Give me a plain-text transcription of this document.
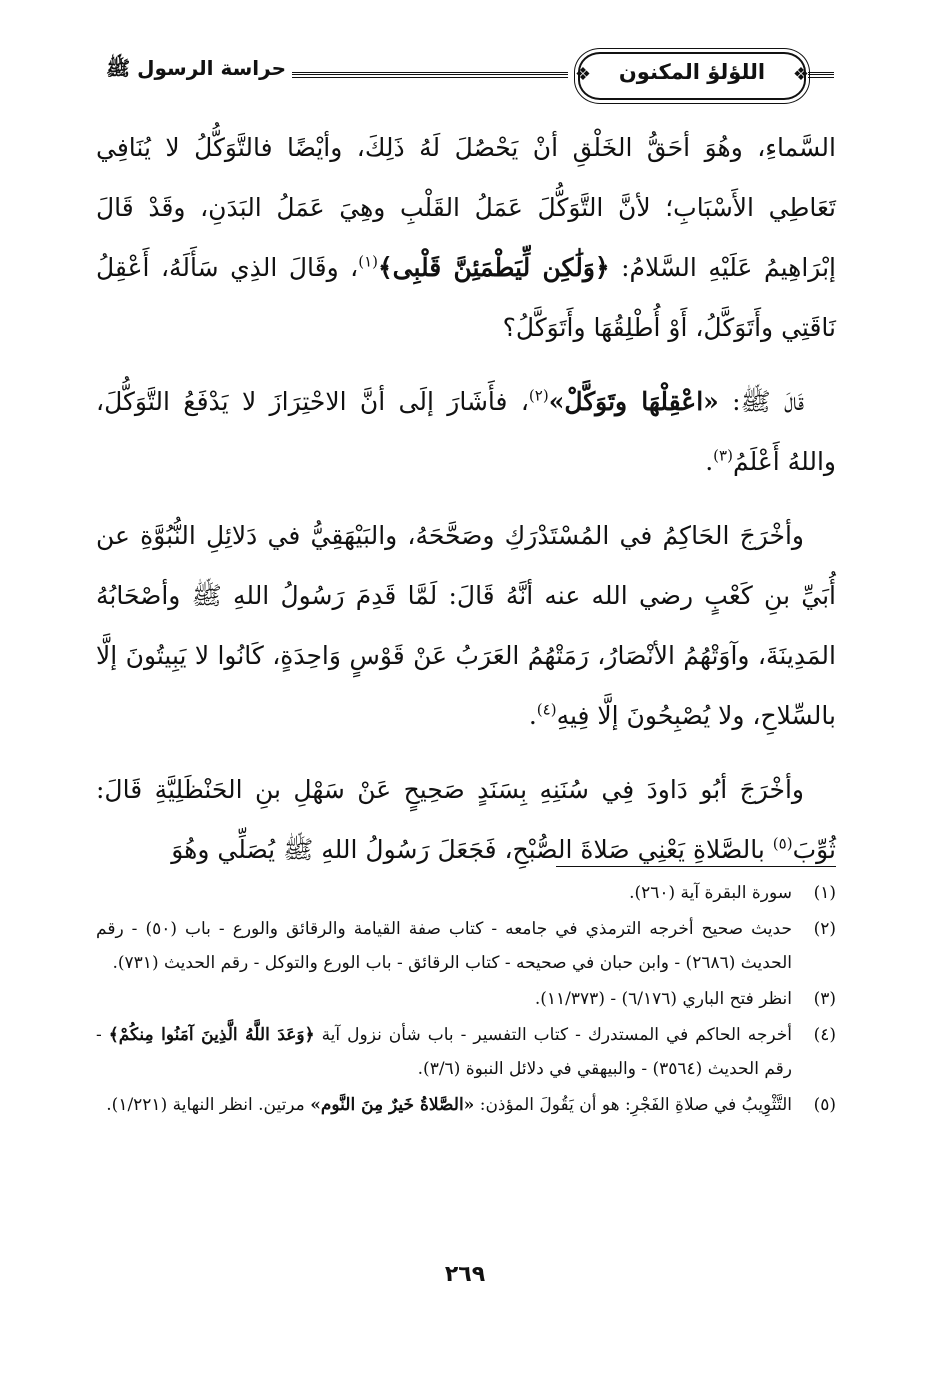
حراسة الرسول ﷺ	❖	اللؤلؤ المكنون	❖

السَّماءِ، وهُوَ أحَقُّ الخَلْقِ أنْ يَحْصُلَ لَهُ ذَلِكَ، وأيْضًا فالتَّوَكُّلُ لا يُنَافِي تَعَاطِي الأَسْبَابِ؛ لأنَّ التَّوَكُّلَ عَمَلُ القَلْبِ وهِيَ عَمَلُ البَدَنِ، وقَدْ قَالَ إبْرَاهِيمُ عَلَيْهِ السَّلامُ: ﴿وَلَٰكِن لِّيَطْمَئِنَّ قَلْبِى﴾$^{(١)}$، وقَالَ الذِي سَأَلَهُ، أَعْقِلُ نَاقَتِي وأَتَوَكَّلُ، أَوْ أُطْلِقُهَا وأَتَوَكَّلُ؟

قَالَ ﷺ: «اعْقِلْهَا وتَوَكَّلْ»$^{(٢)}$، فأَشَارَ إلَى أنَّ الاحْتِرَازَ لا يَدْفَعُ التَّوَكُّلَ، واللهُ أَعْلَمُ$^{(٣)}$.

وأخْرَجَ الحَاكِمُ في المُسْتَدْرَكِ وصَحَّحَهُ، والبَيْهَقِيُّ في دَلائِلِ النُّبُوَّةِ عن أُبَيِّ بنِ كَعْبٍ رضي الله عنه أنَّهُ قَالَ: لَمَّا قَدِمَ رَسُولُ اللهِ ﷺ وأصْحَابُهُ المَدِينَةَ، وآوَتْهُمُ الأنْصَارُ، رَمَتْهُمُ العَرَبُ عَنْ قَوْسٍ وَاحِدَةٍ، كَانُوا لا يَبِيتُونَ إلَّا بالسِّلاحِ، ولا يُصْبِحُونَ إلَّا فِيهِ$^{(٤)}$.

وأخْرَجَ أبُو دَاودَ فِي سُنَنِهِ بِسَنَدٍ صَحِيحٍ عَنْ سَهْلِ بنِ الحَنْظَلِيَّةِ قَالَ: ثُوِّبَ$^{(٥)}$ بالصَّلاةِ يَعْنِي صَلاةَ الصُّبْحِ، فَجَعَلَ رَسُولُ اللهِ ﷺ يُصَلِّي وهُوَ

(١)
سورة البقرة آية (٢٦٠).
(٢)
حديث صحيح أخرجه الترمذي في جامعه - كتاب صفة القيامة والرقائق والورع - باب (٥٠) - رقم الحديث (٢٦٨٦) - وابن حبان في صحيحه - كتاب الرقائق - باب الورع والتوكل - رقم الحديث (٧٣١).
(٣)
انظر فتح الباري (٦/١٧٦) - (١١/٣٧٣).
(٤)
أخرجه الحاكم في المستدرك - كتاب التفسير - باب شأن نزول آية ﴿وَعَدَ اللَّهُ الَّذِينَ آمَنُوا مِنكُمْ﴾ - رقم الحديث (٣٥٦٤) - والبيهقي في دلائل النبوة (٣/٦).
(٥)
التَّثْوِيبُ في صلاةِ الفَجْرِ: هو أن يَقُولَ المؤذن: «الصَّلاةُ خَيرٌ مِنَ النَّوم» مرتين. انظر النهاية (١/٢٢١).
٢٦٩
